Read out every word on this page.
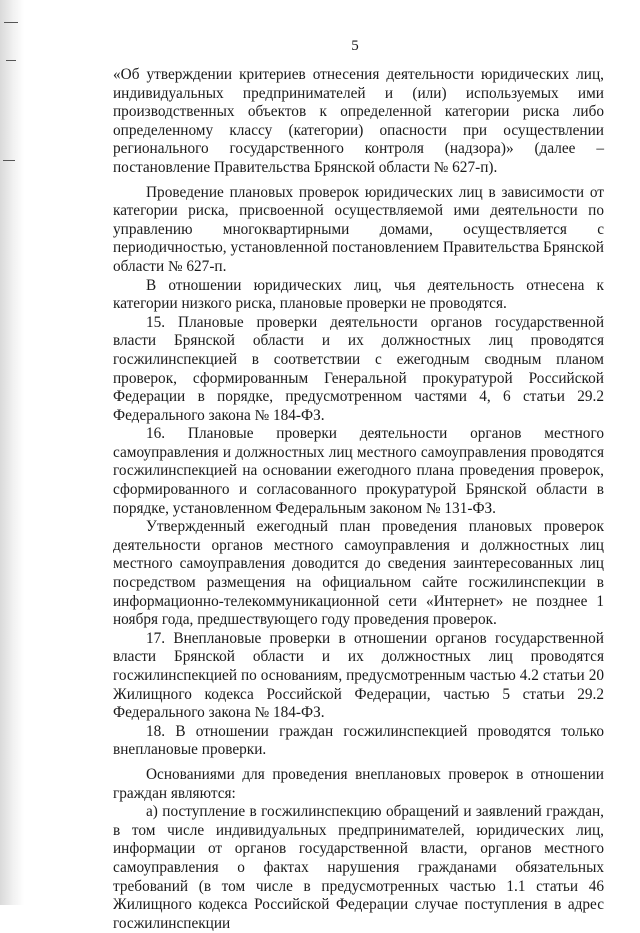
5

«Об утверждении критериев отнесения деятельности юридических лиц, индивидуальных предпринимателей и (или) используемых ими производственных объектов к определенной категории риска либо определенному классу (категории) опасности при осуществлении регионального государственного контроля (надзора)» (далее – постановление Правительства Брянской области № 627-п).

Проведение плановых проверок юридических лиц в зависимости от категории риска, присвоенной осуществляемой ими деятельности по управлению многоквартирными домами, осуществляется с периодичностью, установленной постановлением Правительства Брянской области № 627-п.

В отношении юридических лиц, чья деятельность отнесена к категории низкого риска, плановые проверки не проводятся.

15. Плановые проверки деятельности органов государственной власти Брянской области и их должностных лиц проводятся госжилинспекцией в соответствии с ежегодным сводным планом проверок, сформированным Генеральной прокуратурой Российской Федерации в порядке, предусмотренном частями 4, 6 статьи 29.2 Федерального закона № 184-ФЗ.

16. Плановые проверки деятельности органов местного самоуправления и должностных лиц местного самоуправления проводятся госжилинспекцией на основании ежегодного плана проведения проверок, сформированного и согласованного прокуратурой Брянской области в порядке, установленном Федеральным законом № 131-ФЗ.

Утвержденный ежегодный план проведения плановых проверок деятельности органов местного самоуправления и должностных лиц местного самоуправления доводится до сведения заинтересованных лиц посредством размещения на официальном сайте госжилинспекции в информационно-телекоммуникационной сети «Интернет» не позднее 1 ноября года, предшествующего году проведения проверок.

17. Внеплановые проверки в отношении органов государственной власти Брянской области и их должностных лиц проводятся госжилинспекцией по основаниям, предусмотренным частью 4.2 статьи 20 Жилищного кодекса Российской Федерации, частью 5 статьи 29.2 Федерального закона № 184-ФЗ.

18. В отношении граждан госжилинспекцией проводятся только внеплановые проверки.

Основаниями для проведения внеплановых проверок в отношении граждан являются:

а) поступление в госжилинспекцию обращений и заявлений граждан, в том числе индивидуальных предпринимателей, юридических лиц, информации от органов государственной власти, органов местного самоуправления о фактах нарушения гражданами обязательных требований (в том числе в предусмотренных частью 1.1 статьи 46 Жилищного кодекса Российской Федерации случае поступления в адрес госжилинспекции
